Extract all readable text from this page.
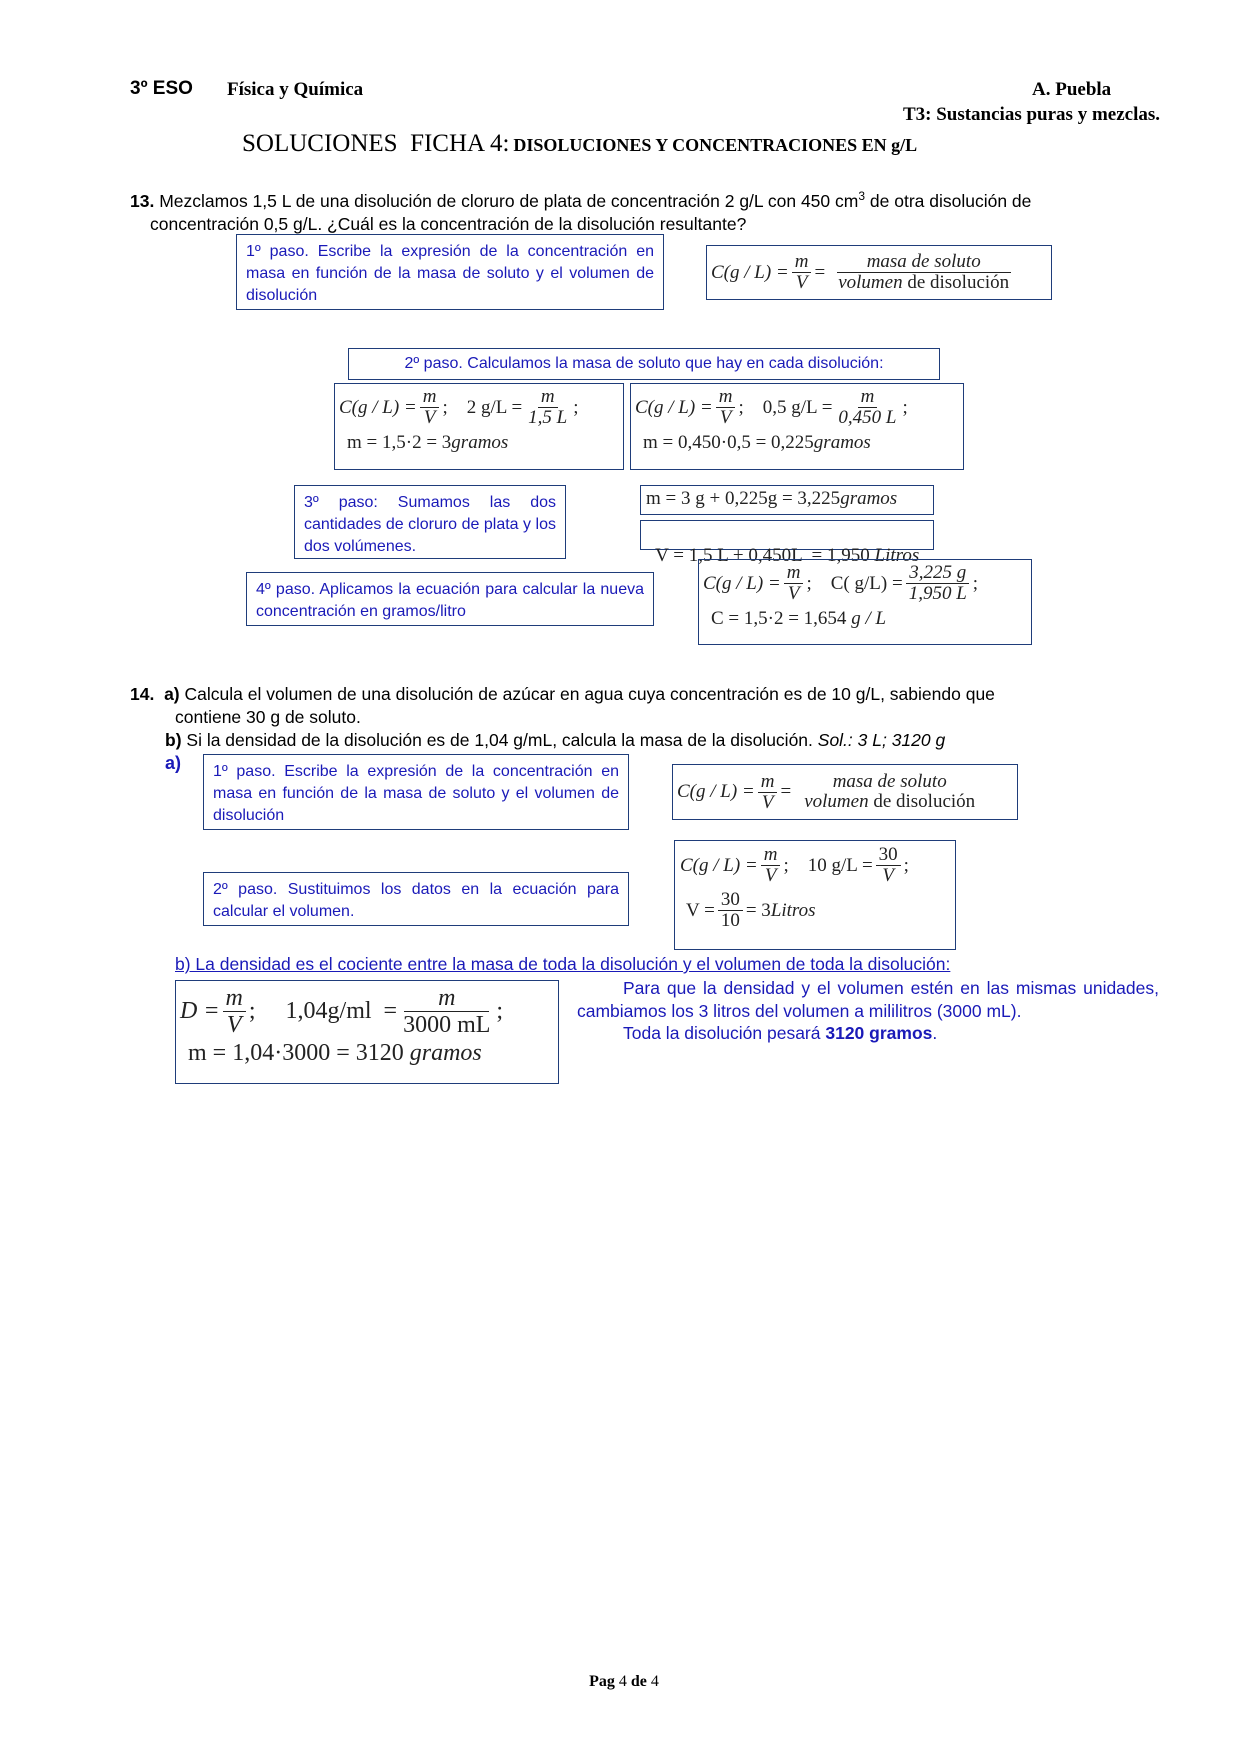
3º ESO Física y Química	A. Puebla
T3: Sustancias puras y mezclas.
SOLUCIONES  FICHA 4: DISOLUCIONES Y CONCENTRACIONES EN g/L
13. Mezclamos 1,5 L de una disolución de cloruro de plata de concentración 2 g/L con 450 $cm^3$ de otra disolución de
concentración 0,5 g/L. ¿Cuál es la concentración de la disolución resultante?
1º paso. Escribe la expresión de la concentración en masa en función de la masa de soluto y el volumen de disolución
$C(g / L) = \frac{m}{V} = \frac{\text{masa de soluto}}{\text{volumen de disolución}}$
2º paso. Calculamos la masa de soluto que hay en cada disolución:
$C(g / L) = \frac{m}{V}$ ;    2 $g/L = \frac{m}{1,5 L}$ ;
m = 1,5·2 = 3gramos
$C(g / L) = \frac{m}{V}$ ;    0,5 $g/L = \frac{m}{0,450 L}$ ;
m = 0,450·0,5 = 0,225gramos
3º paso: Sumamos las dos cantidades de cloruro de plata y los dos volúmenes.
m = 3 g + 0,225g = 3,225gramos

V = 1,5 L + 0,450L  = 1,950 Litros

4º paso. Aplicamos la ecuación para calcular la nueva concentración en gramos/litro
$C(g / L) = \frac{m}{V}$ ;    C( $g/L) = \frac{3,225 g}{1,950 L}$ ;
C = 1,5·2 = 1,654 g / L
14. a) Calcula el volumen de una disolución de azúcar en agua cuya concentración es de 10 g/L, sabiendo que
contiene 30 g de soluto.
b) Si la densidad de la disolución es de 1,04 g/mL, calcula la masa de la disolución. Sol.: 3 L; 3120 g
a)	1º paso. Escribe la expresión de la concentración en masa en función de la masa de soluto y el volumen de disolución
$C(g / L) = \frac{m}{V}$ =	masa de soluto
volumen de disolución
2º paso. Sustituimos los datos en la ecuación para calcular el volumen.
$C(g / L) = \frac{m}{V}$ ;    10 $g/L = \frac{30}{V}$ ;
$V = \frac{30}{10} = 3$ Litros
b) La densidad es el cociente entre la masa de toda la disolución y el volumen de toda la disolución:
$D = \frac{m}{V}$ ;     $1,04g/ml = \frac{m}{3000 mL}$ ;
m = 1,04·3000 = 3120 gramos
Para que la densidad y el volumen estén en las mismas unidades, cambiamos los 3 litros del volumen a mililitros (3000 mL).
Toda la disolución pesará 3120 gramos.

Pag 4 de 4
